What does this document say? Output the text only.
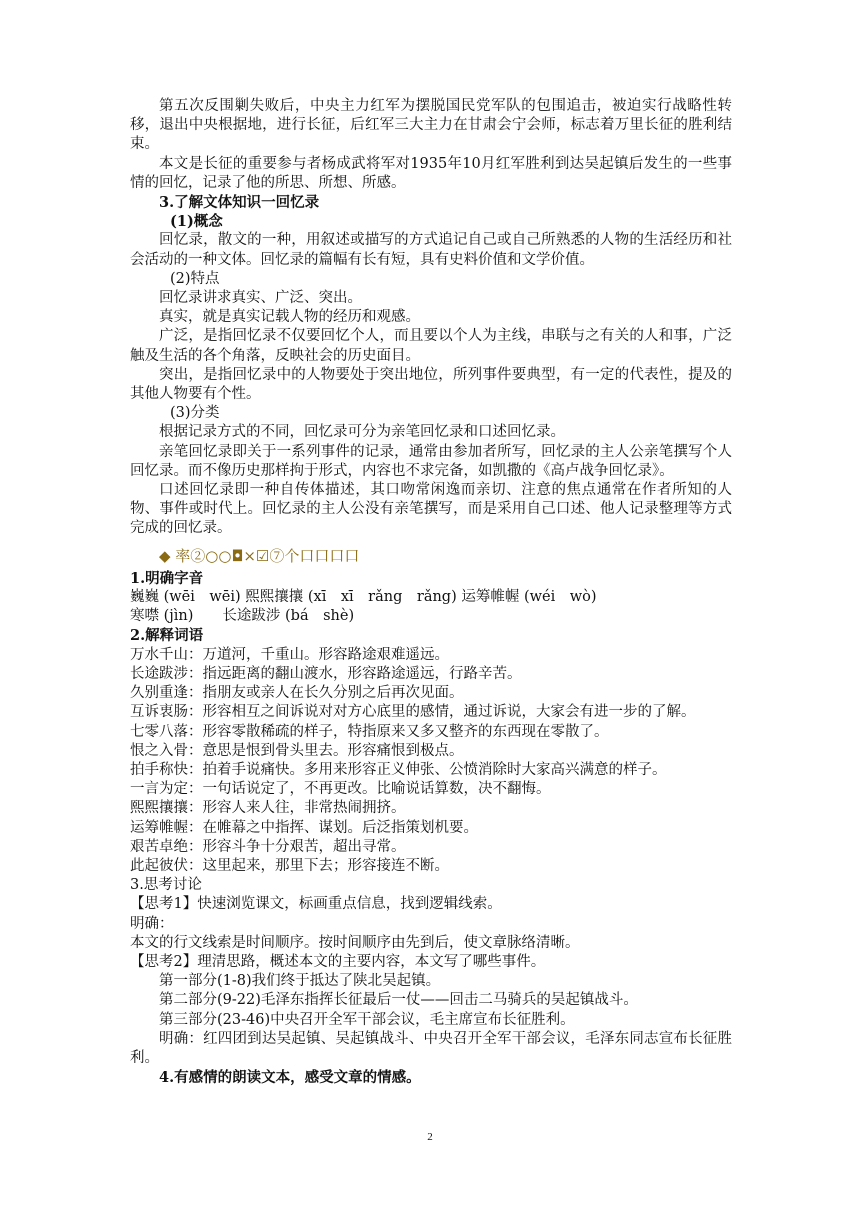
第五次反围剿失败后，中央主力红军为摆脱国民党军队的包围追击，被迫实行战略性转移，退出中央根据地，进行长征，后红军三大主力在甘肃会宁会师，标志着万里长征的胜利结束。

本文是长征的重要参与者杨成武将军对1935年10月红军胜利到达吴起镇后发生的一些事情的回忆，记录了他的所思、所想、所感。

3.了解文体知识一回忆录

(1)概念

回忆录，散文的一种，用叙述或描写的方式追记自己或自己所熟悉的人物的生活经历和社会活动的一种文体。回忆录的篇幅有长有短，具有史料价值和文学价值。

(2)特点

回忆录讲求真实、广泛、突出。

真实，就是真实记载人物的经历和观感。

广泛，是指回忆录不仅要回忆个人，而且要以个人为主线，串联与之有关的人和事，广泛触及生活的各个角落，反映社会的历史面目。

突出，是指回忆录中的人物要处于突出地位，所列事件要典型，有一定的代表性，提及的其他人物要有个性。

(3)分类

根据记录方式的不同，回忆录可分为亲笔回忆录和口述回忆录。

亲笔回忆录即关于一系列事件的记录，通常由参加者所写，回忆录的主人公亲笔撰写个人回忆录。而不像历史那样拘于形式，内容也不求完备，如凯撒的《高卢战争回忆录》。

口述回忆录即一种自传体描述，其口吻常闲逸而亲切、注意的焦点通常在作者所知的人物、事件或时代上。回忆录的主人公没有亲笔撰写，而是采用自己口述、他人记录整理等方式完成的回忆录。

◆ 率②○○◘×☑⑦个口口口口

1.明确字音

巍巍 (wēi　wēi) 熙熙攘攘 (xī　xī　rǎng　rǎng) 运筹帷幄 (wéi　wò)

寒噤 (jìn)　　长途跋涉 (bá　shè)

2.解释词语

万水千山：万道河，千重山。形容路途艰难遥远。

长途跋涉：指远距离的翻山渡水，形容路途遥远，行路辛苦。

久别重逢：指朋友或亲人在长久分别之后再次见面。

互诉衷肠：形容相互之间诉说对对方心底里的感情，通过诉说，大家会有进一步的了解。

七零八落：形容零散稀疏的样子，特指原来又多又整齐的东西现在零散了。

恨之入骨：意思是恨到骨头里去。形容痛恨到极点。

拍手称快：拍着手说痛快。多用来形容正义伸张、公愤消除时大家高兴满意的样子。

一言为定：一句话说定了，不再更改。比喻说话算数，决不翻悔。

熙熙攘攘：形容人来人往，非常热闹拥挤。

运筹帷幄：在帷幕之中指挥、谋划。后泛指策划机要。

艰苦卓绝：形容斗争十分艰苦，超出寻常。

此起彼伏：这里起来，那里下去；形容接连不断。

3.思考讨论

【思考1】快速浏览课文，标画重点信息，找到逻辑线索。

明确：

本文的行文线索是时间顺序。按时间顺序由先到后，使文章脉络清晰。

【思考2】理清思路，概述本文的主要内容，本文写了哪些事件。

第一部分(1-8)我们终于抵达了陕北吴起镇。

第二部分(9-22)毛泽东指挥长征最后一仗——回击二马骑兵的吴起镇战斗。

第三部分(23-46)中央召开全军干部会议，毛主席宣布长征胜利。

明确：红四团到达吴起镇、吴起镇战斗、中央召开全军干部会议，毛泽东同志宣布长征胜利。

4.有感情的朗读文本，感受文章的情感。

2
